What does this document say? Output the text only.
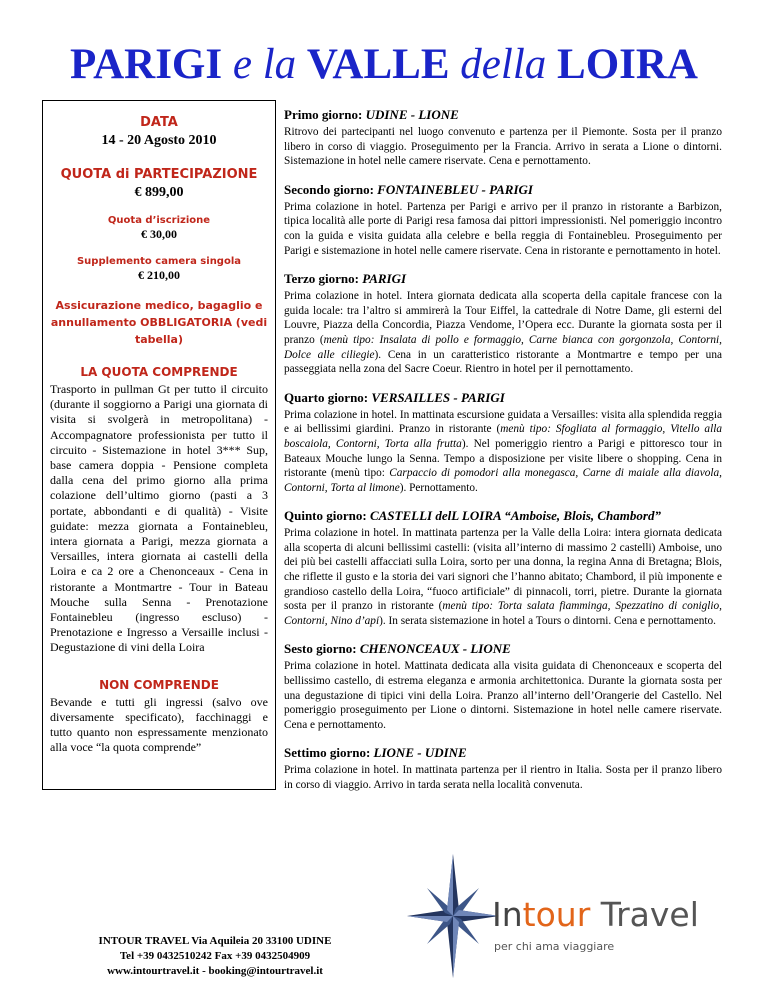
PARIGI e la VALLE della LOIRA
DATA
14 - 20 Agosto 2010
QUOTA di PARTECIPAZIONE
€ 899,00
Quota d’iscrizione
€ 30,00
Supplemento camera singola
€ 210,00
Assicurazione medico, bagaglio e annullamento OBBLIGATORIA (vedi tabella)
LA QUOTA COMPRENDE
Trasporto in pullman Gt per tutto il circuito (durante il soggiorno a Parigi una giornata di visita si svolgerà in metropolitana) - Accompagnatore professionista per tutto il circuito - Sistemazione in hotel 3*** Sup, base camera doppia - Pensione completa dalla cena del primo giorno alla prima colazione dell’ultimo giorno (pasti a 3 portate, abbondanti e di qualità) - Visite guidate: mezza giornata a Fontainebleu, intera giornata a Parigi, mezza giornata a Versailles, intera giornata ai castelli della Loira e ca 2 ore a Chenonceaux - Cena in ristorante a Montmartre - Tour in Bateau Mouche sulla Senna - Prenotazione Fontainebleu (ingresso escluso) - Prenotazione e Ingresso a Versaille inclusi - Degustazione di vini della Loira
NON COMPRENDE
Bevande e tutti gli ingressi (salvo ove diversamente specificato), facchinaggi e tutto quanto non espressamente menzionato alla voce “la quota comprende”

Primo giorno: UDINE - LIONE

Ritrovo dei partecipanti nel luogo convenuto e partenza per il Piemonte. Sosta per il pranzo libero in corso di viaggio. Proseguimento per la Francia. Arrivo in serata a Lione o dintorni. Sistemazione in hotel nelle camere riservate. Cena e pernottamento.

Secondo giorno: FONTAINEBLEU - PARIGI

Prima colazione in hotel. Partenza per Parigi e arrivo per il pranzo in ristorante a Barbizon, tipica località alle porte di Parigi resa famosa dai pittori impressionisti. Nel pomeriggio incontro con la guida e visita guidata alla celebre e bella reggia di Fontainebleu. Proseguimento per Parigi e sistemazione in hotel nelle camere riservate. Cena in ristorante e pernottamento in hotel.

Terzo giorno: PARIGI

Prima colazione in hotel. Intera giornata dedicata alla scoperta della capitale francese con la guida locale: tra l’altro si ammirerà la Tour Eiffel, la cattedrale di Notre Dame, gli esterni del Louvre, Piazza della Concordia, Piazza Vendome, l’Opera ecc. Durante la giornata sosta per il pranzo (menù tipo: Insalata di pollo e formaggio, Carne bianca con gorgonzola, Contorni, Dolce alle ciliegie). Cena in un caratteristico ristorante a Montmartre e tempo per una passeggiata nella zona del Sacre Coeur. Rientro in hotel per il pernottamento.

Quarto giorno: VERSAILLES - PARIGI

Prima colazione in hotel. In mattinata escursione guidata a Versailles: visita alla splendida reggia e ai bellissimi giardini. Pranzo in ristorante (menù tipo: Sfogliata al formaggio, Vitello alla boscaiola, Contorni, Torta alla frutta). Nel pomeriggio rientro a Parigi e pittoresco tour in Bateaux Mouche lungo la Senna. Tempo a disposizione per visite libere o shopping. Cena in ristorante (menù tipo: Carpaccio di pomodori alla monegasca, Carne di maiale alla diavola, Contorni, Torta al limone). Pernottamento.

Quinto giorno: CASTELLI delL LOIRA “Amboise, Blois, Chambord”

Prima colazione in hotel. In mattinata partenza per la Valle della Loira: intera giornata dedicata alla scoperta di alcuni bellissimi castelli: (visita all’interno di massimo 2 castelli) Amboise, uno dei più bei castelli affacciati sulla Loira, sorto per una donna, la regina Anna di Bretagna; Blois, che riflette il gusto e la storia dei vari signori che l’hanno abitato; Chambord, il più imponente e grandioso castello della Loira, “fuoco artificiale” di pinnacoli, torri, pietre. Durante la giornata sosta per il pranzo in ristorante (menù tipo: Torta salata fiamminga, Spezzatino di coniglio, Contorni, Nino d’api). In serata sistemazione in hotel a Tours o dintorni. Cena e pernottamento.

Sesto giorno: CHENONCEAUX - LIONE

Prima colazione in hotel. Mattinata dedicata alla visita guidata di Chenonceaux e scoperta del bellissimo castello, di estrema eleganza e armonia architettonica. Durante la giornata sosta per una degustazione di tipici vini della Loira. Pranzo all’interno dell’Orangerie del Castello. Nel pomeriggio proseguimento per Lione o dintorni. Sistemazione in hotel nelle camere riservate. Cena e pernottamento.

Settimo giorno: LIONE - UDINE

Prima colazione in hotel. In mattinata partenza per il rientro in Italia. Sosta per il pranzo libero in corso di viaggio. Arrivo in tarda serata nella località convenuta.

INTOUR TRAVEL Via Aquileia 20 33100 UDINE
Tel +39 0432510242 Fax +39 0432504909
www.intourtravel.it - booking@intourtravel.it
Intour Travel
per chi ama viaggiare
